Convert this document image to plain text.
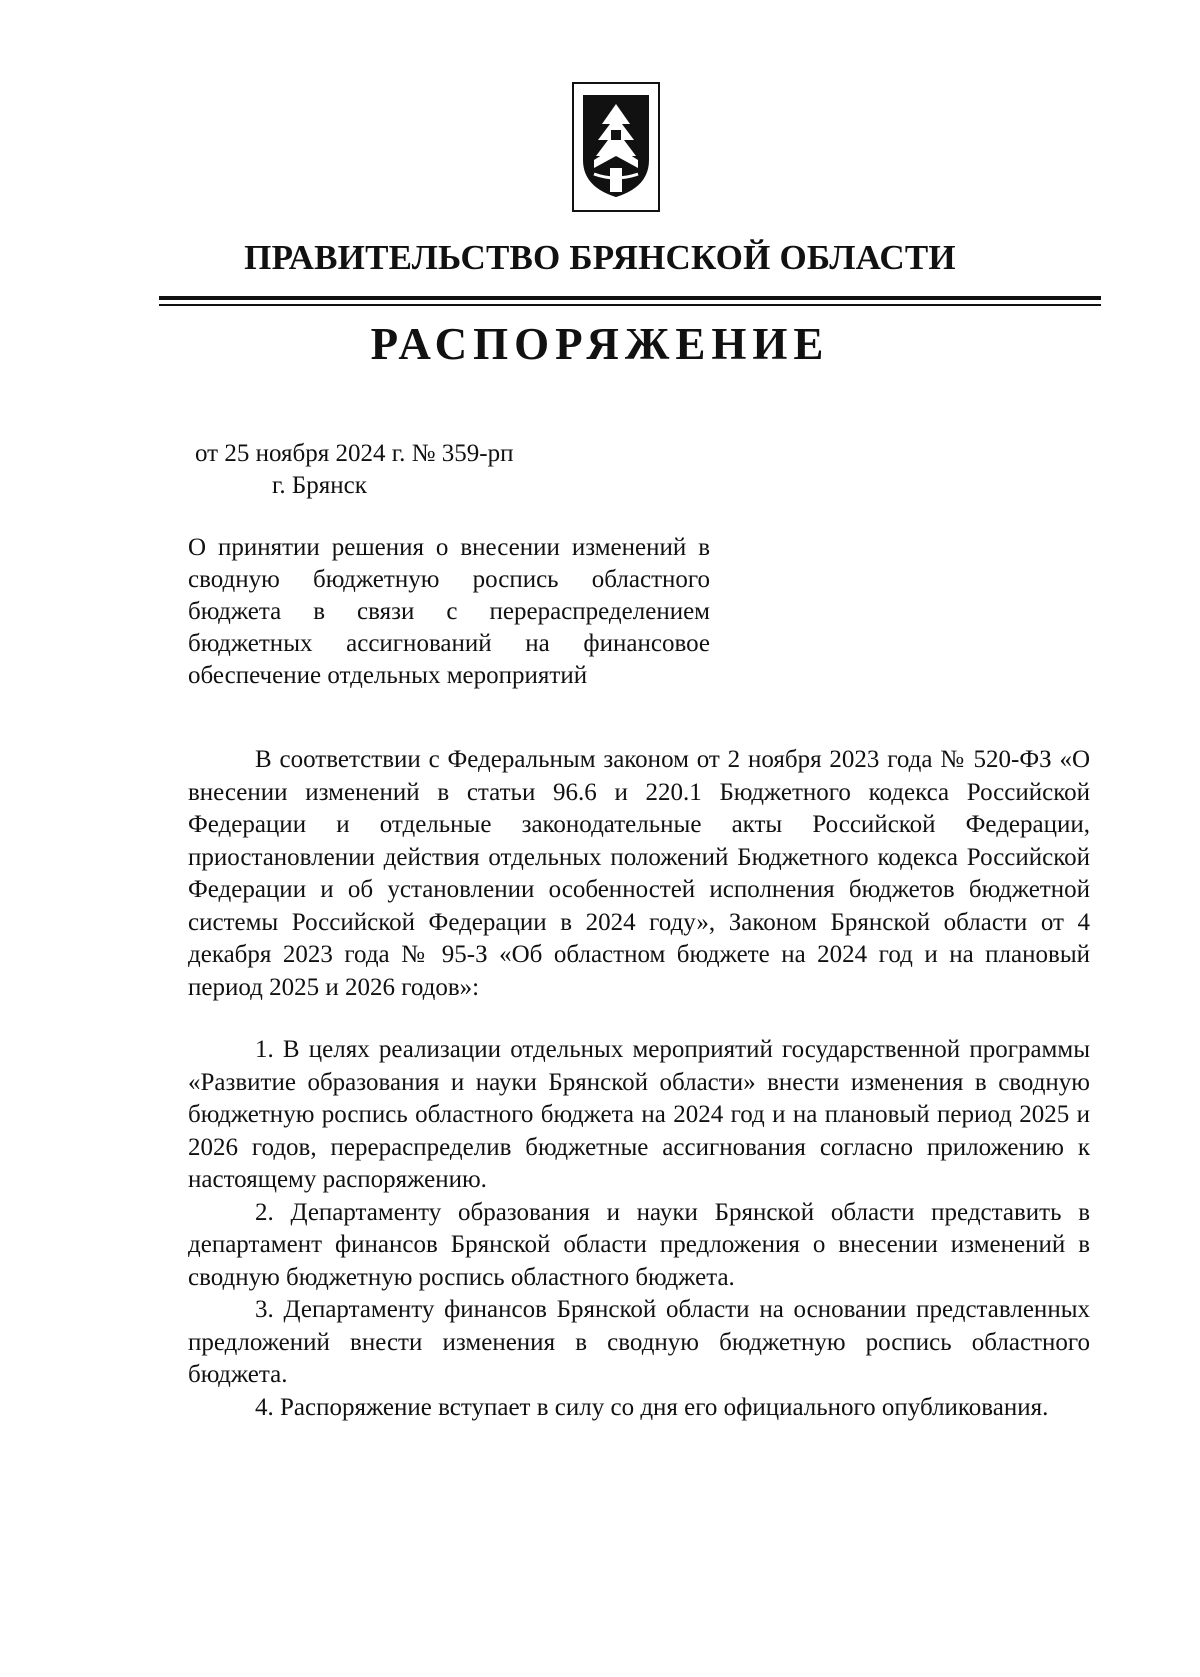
ПРАВИТЕЛЬСТВО БРЯНСКОЙ ОБЛАСТИ
РАСПОРЯЖЕНИЕ
от 25 ноября 2024 г. № 359-рп
г. Брянск
О принятии решения о внесении изменений в сводную бюджетную роспись областного бюджета в связи с перераспределением бюджетных ассигнований на финансовое обеспечение отдельных мероприятий

В соответствии с Федеральным законом от 2 ноября 2023 года № 520-ФЗ «О внесении изменений в статьи 96.6 и 220.1 Бюджетного кодекса Российской Федерации и отдельные законодательные акты Российской Федерации, приостановлении действия отдельных положений Бюджетного кодекса Российской Федерации и об установлении особенностей исполнения бюджетов бюджетной системы Российской Федерации в 2024 году», Законом Брянской области от 4 декабря 2023 года № 95-З «Об областном бюджете на 2024 год и на плановый период 2025 и 2026 годов»:

1. В целях реализации отдельных мероприятий государственной программы «Развитие образования и науки Брянской области» внести изменения в сводную бюджетную роспись областного бюджета на 2024 год и на плановый период 2025 и 2026 годов, перераспределив бюджетные ассигнования согласно приложению к настоящему распоряжению.

2. Департаменту образования и науки Брянской области представить в департамент финансов Брянской области предложения о внесении изменений в сводную бюджетную роспись областного бюджета.

3. Департаменту финансов Брянской области на основании представленных предложений внести изменения в сводную бюджетную роспись областного бюджета.

4. Распоряжение вступает в силу со дня его официального опубликования.
